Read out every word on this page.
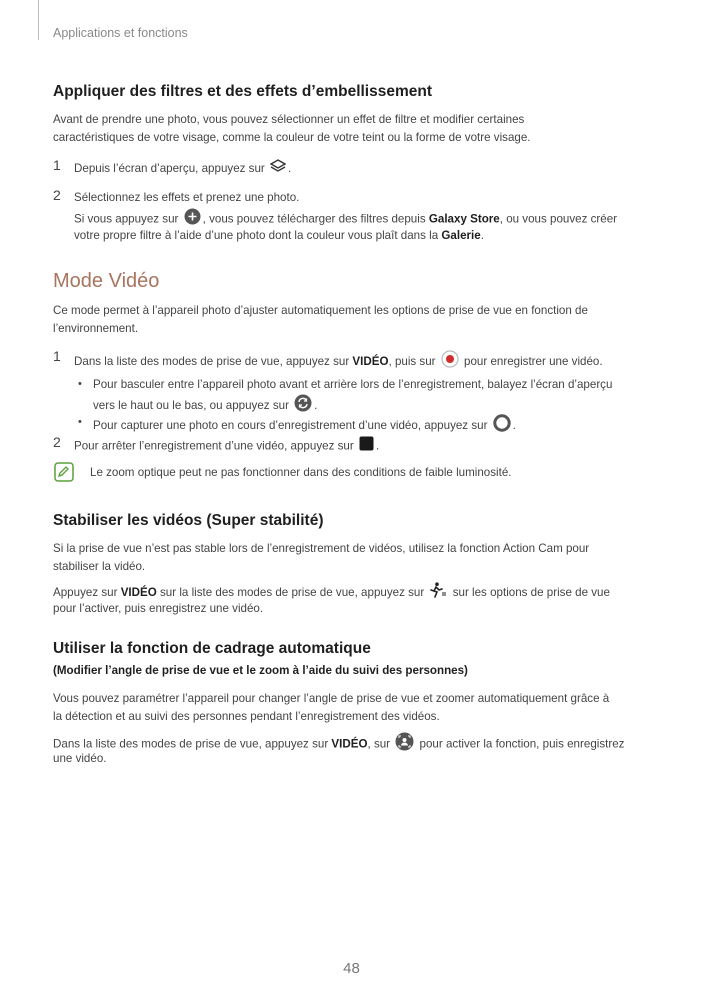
Applications et fonctions
Appliquer des filtres et des effets d’embellissement
Avant de prendre une photo, vous pouvez sélectionner un effet de filtre et modifier certaines
caractéristiques de votre visage, comme la couleur de votre teint ou la forme de votre visage.
1 Depuis l’écran d’aperçu, appuyez sur .
2 Sélectionnez les effets et prenez une photo.
Si vous appuyez sur , vous pouvez télécharger des filtres depuis Galaxy Store, ou vous pouvez créer
votre propre filtre à l’aide d’une photo dont la couleur vous plaît dans la Galerie.
Mode Vidéo
Ce mode permet à l’appareil photo d’ajuster automatiquement les options de prise de vue en fonction de
l’environnement.
1 Dans la liste des modes de prise de vue, appuyez sur VIDÉO, puis sur pour enregistrer une vidéo.
• Pour basculer entre l’appareil photo avant et arrière lors de l’enregistrement, balayez l’écran d’aperçu
vers le haut ou le bas, ou appuyez sur .
• Pour capturer une photo en cours d’enregistrement d’une vidéo, appuyez sur .
2 Pour arrêter l’enregistrement d’une vidéo, appuyez sur .
Le zoom optique peut ne pas fonctionner dans des conditions de faible luminosité.
Stabiliser les vidéos (Super stabilité)
Si la prise de vue n’est pas stable lors de l’enregistrement de vidéos, utilisez la fonction Action Cam pour
stabiliser la vidéo.
Appuyez sur VIDÉO sur la liste des modes de prise de vue, appuyez sur sur les options de prise de vue
pour l’activer, puis enregistrez une vidéo.
Utiliser la fonction de cadrage automatique
(Modifier l’angle de prise de vue et le zoom à l’aide du suivi des personnes)
Vous pouvez paramétrer l’appareil pour changer l’angle de prise de vue et zoomer automatiquement grâce à
la détection et au suivi des personnes pendant l’enregistrement des vidéos.
Dans la liste des modes de prise de vue, appuyez sur VIDÉO, sur	pour activer la fonction, puis enregistrez
une vidéo.
48
